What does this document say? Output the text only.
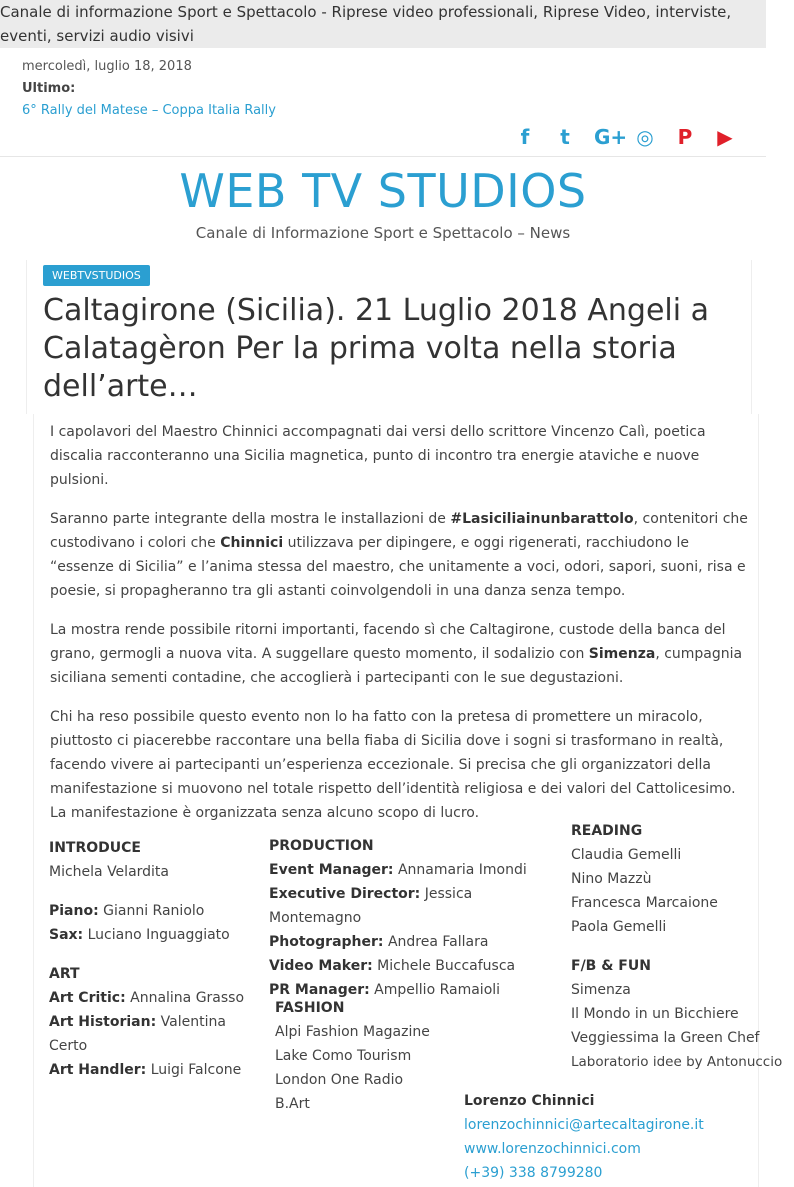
Canale di informazione Sport e Spettacolo - Riprese video professionali, Riprese Video, interviste,
eventi, servizi audio visivi
mercoledì, luglio 18, 2018
Ultimo:
6° Rally del Matese – Coppa Italia Rally
f	t	G+ ◎ P ▶
WEB TV STUDIOS
Canale di Informazione Sport e Spettacolo – News
WEBTVSTUDIOS
Caltagirone (Sicilia). 21 Luglio 2018 Angeli a Calatagèron Per la prima volta nella storia dell’arte…
I capolavori del Maestro Chinnici accompagnati dai versi dello scrittore Vincenzo Calì, poetica discalia racconteranno una Sicilia magnetica, punto di incontro tra energie ataviche e nuove pulsioni.
Saranno parte integrante della mostra le installazioni de #Lasiciliainunbarattolo, contenitori che custodivano i colori che Chinnici utilizzava per dipingere, e oggi rigenerati, racchiudono le “essenze di Sicilia” e l’anima stessa del maestro, che unitamente a voci, odori, sapori, suoni, risa e poesie, si propagheranno tra gli astanti coinvolgendoli in una danza senza tempo.
La mostra rende possibile ritorni importanti, facendo sì che Caltagirone, custode della banca del grano, germogli a nuova vita. A suggellare questo momento, il sodalizio con Simenza, cumpagnia siciliana sementi contadine, che accoglierà i partecipanti con le sue degustazioni.
Chi ha reso possibile questo evento non lo ha fatto con la pretesa di promettere un miracolo, piuttosto ci piacerebbe raccontare una bella fiaba di Sicilia dove i sogni si trasformano in realtà, facendo vivere ai partecipanti un’esperienza eccezionale. Si precisa che gli organizzatori della manifestazione si muovono nel totale rispetto dell’identità religiosa e dei valori del Cattolicesimo. La manifestazione è organizzata senza alcuno scopo di lucro.
INTRODUCE
Michela Velardita
Piano: Gianni Raniolo
Sax: Luciano Inguaggiato
ART
Art Critic: Annalina Grasso
Art Historian: Valentina Certo
Art Handler: Luigi Falcone
PRODUCTION
Event Manager: Annamaria Imondi
Executive Director: Jessica Montemagno
Photographer: Andrea Fallara
Video Maker: Michele Buccafusca
PR Manager: Ampellio Ramaioli
FASHION
Alpi Fashion Magazine
Lake Como Tourism
London One Radio
B.Art
READING
Claudia Gemelli
Nino Mazzù
Francesca Marcaione
Paola Gemelli
F/B & FUN
Simenza
Il Mondo in un Bicchiere
Veggiessima la Green Chef
Laboratorio idee by Antonuccio
Lorenzo Chinnici
lorenzochinnici@artecaltagirone.it
www.lorenzochinnici.com
(+39) 338 8799280
